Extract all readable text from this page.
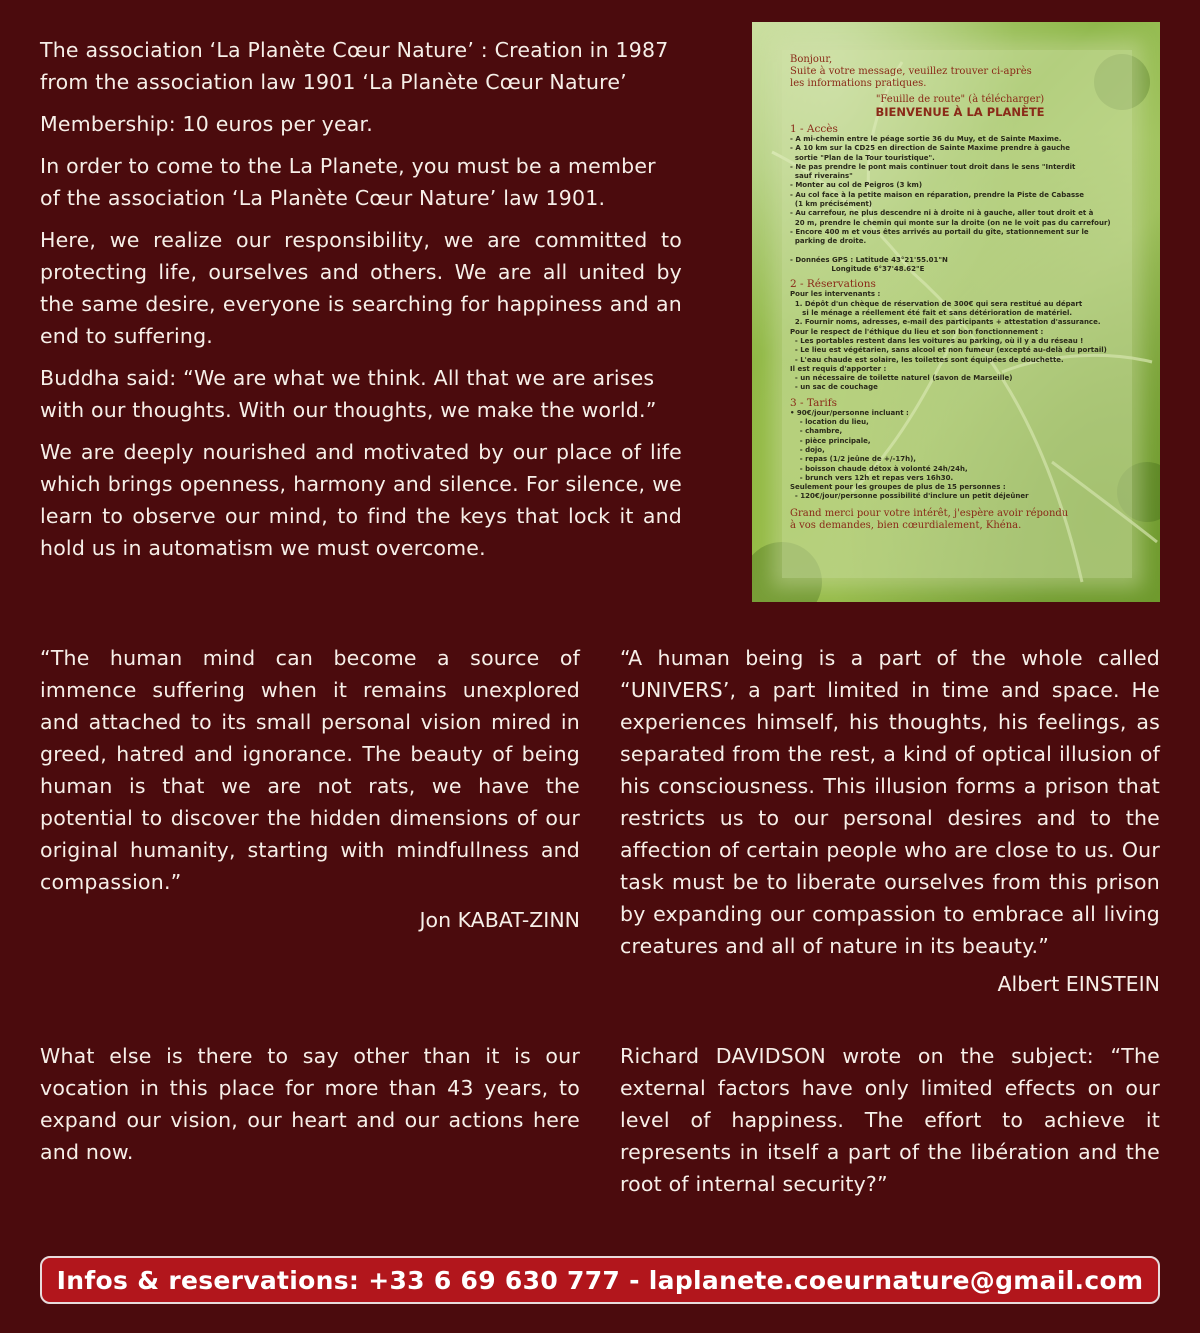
The association ‘La Planète Cœur Nature’ : Creation in 1987 from the association law 1901 ‘La Planète Cœur Nature’

Membership: 10 euros per year.

In order to come to the La Planete, you must be a member of the association ‘La Planète Cœur Nature’ law 1901.

Here, we realize our responsibility, we are committed to protecting life, ourselves and others. We are all united by the same desire, everyone is searching for happiness and an end to suffering.

Buddha said: “We are what we think. All that we are arises with our thoughts. With our thoughts, we make the world.”

We are deeply nourished and motivated by our place of life which brings openness, harmony and silence. For silence, we learn to observe our mind, to find the keys that lock it and hold us in automatism we must overcome.

Bonjour,
Suite à votre message, veuillez trouver ci-après
les informations pratiques.
"Feuille de route" (à télécharger)
BIENVENUE À LA PLANÈTE
1 - Accès
- A mi-chemin entre le péage sortie 36 du Muy, et de Sainte Maxime.
- A 10 km sur la CD25 en direction de Sainte Maxime prendre à gauche
sortie "Plan de la Tour touristique".
- Ne pas prendre le pont mais continuer tout droit dans le sens "Interdit
sauf riverains"
- Monter au col de Peigros (3 km)
- Au col face à la petite maison en réparation, prendre la Piste de Cabasse
(1 km précisément)
- Au carrefour, ne plus descendre ni à droite ni à gauche, aller tout droit et à
20 m, prendre le chemin qui monte sur la droite (on ne le voit pas du carrefour)
- Encore 400 m et vous êtes arrivés au portail du gîte, stationnement sur le
parking de droite.

- Données GPS : Latitude 43°21'55.01"N
Longitude 6°37'48.62"E
2 - Réservations
Pour les intervenants :
1. Dépôt d'un chèque de réservation de 300€ qui sera restitué au départ
si le ménage a réellement été fait et sans détérioration de matériel.
2. Fournir noms, adresses, e-mail des participants + attestation d'assurance.
Pour le respect de l'éthique du lieu et son bon fonctionnement :
- Les portables restent dans les voitures au parking, où il y a du réseau !
- Le lieu est végétarien, sans alcool et non fumeur (excepté au-delà du portail)
- L'eau chaude est solaire, les toilettes sont équipées de douchette.
Il est requis d'apporter :
- un nécessaire de toilette naturel (savon de Marseille)
- un sac de couchage
3 - Tarifs
• 90€/jour/personne incluant :
- location du lieu,
- chambre,
- pièce principale,
- dojo,
- repas (1/2 jeûne de +/-17h),
- boisson chaude détox à volonté 24h/24h,
- brunch vers 12h et repas vers 16h30.
Seulement pour les groupes de plus de 15 personnes :
- 120€/jour/personne possibilité d'inclure un petit déjeûner
Grand merci pour votre intérêt, j'espère avoir répondu
à vos demandes, bien cœurdialement, Khéna.

“The human mind can become a source of immence suffering when it remains unexplored and attached to its small personal vision mired in greed, hatred and ignorance. The beauty of being human is that we are not rats, we have the potential to discover the hidden dimensions of our original humanity, starting with mindfullness and compassion.”

Jon KABAT-ZINN

“A human being is a part of the whole called “UNIVERS’, a part limited in time and space. He experiences himself, his thoughts, his feelings, as separated from the rest, a kind of optical illusion of his consciousness. This illusion forms a prison that restricts us to our personal desires and to the affection of certain people who are close to us. Our task must be to liberate ourselves from this prison by expanding our compassion to embrace all living creatures and all of nature in its beauty.”

Albert EINSTEIN

What else is there to say other than it is our vocation in this place for more than 43 years, to expand our vision, our heart and our actions here and now.

Richard DAVIDSON wrote on the subject: “The external factors have only limited effects on our level of happiness. The effort to achieve it represents in itself a part of the libération and the root of internal security?”

Infos & reservations: +33 6 69 630 777 - laplanete.coeurnature@gmail.com
